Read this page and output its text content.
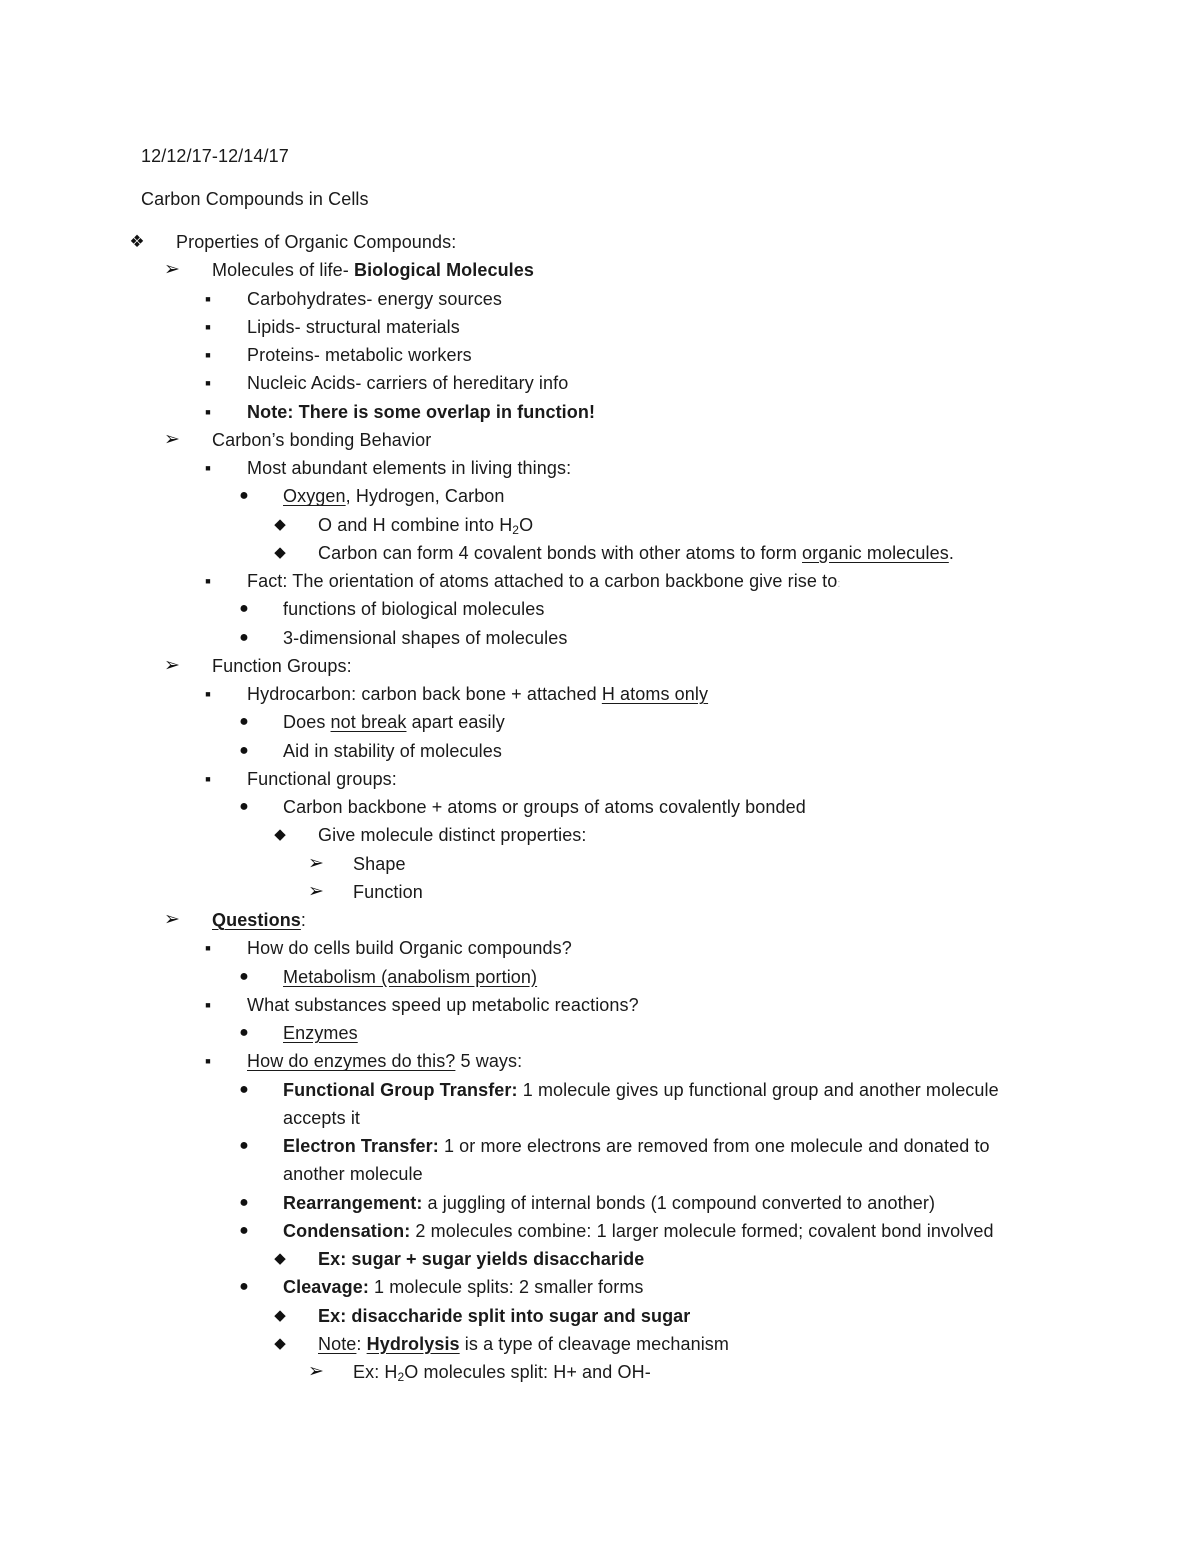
12/12/17-12/14/17
Carbon Compounds in Cells
❖ Properties of Organic Compounds:
➢ Molecules of life- Biological Molecules
■	Carbohydrates- energy sources
■	Lipids- structural materials
■	Proteins- metabolic workers
■	Nucleic Acids- carriers of hereditary info
■	Note: There is some overlap in function!
➢ Carbon’s bonding Behavior
■	Most abundant elements in living things:
● Oxygen, Hydrogen, Carbon
◆ O and H combine into $H_2O$
◆ Carbon can form 4 covalent bonds with other atoms to form organic molecules.
■	Fact: The orientation of atoms attached to a carbon backbone give rise to:
● functions of biological molecules
● 3-dimensional shapes of molecules
➢ Function Groups:
■	Hydrocarbon: carbon back bone + attached H atoms only
● Does not break apart easily
● Aid in stability of molecules
■	Functional groups:
● Carbon backbone + atoms or groups of atoms covalently bonded
◆ Give molecule distinct properties:
➢ Shape
➢ Function
➢ Questions:
■	How do cells build Organic compounds?
● Metabolism (anabolism portion)
■	What substances speed up metabolic reactions?
● Enzymes
■	How do enzymes do this? 5 ways:
● Functional Group Transfer: 1 molecule gives up functional group and another molecule
accepts it
● Electron Transfer: 1 or more electrons are removed from one molecule and donated to
another molecule
● Rearrangement: a juggling of internal bonds (1 compound converted to another)
● Condensation: 2 molecules combine: 1 larger molecule formed; covalent bond involved
◆ Ex: sugar + sugar yields disaccharide
● Cleavage: 1 molecule splits: 2 smaller forms
◆ Ex: disaccharide split into sugar and sugar
◆ Note: Hydrolysis is a type of cleavage mechanism
➢ Ex: $H_2O$ molecules split: H+ and OH-
